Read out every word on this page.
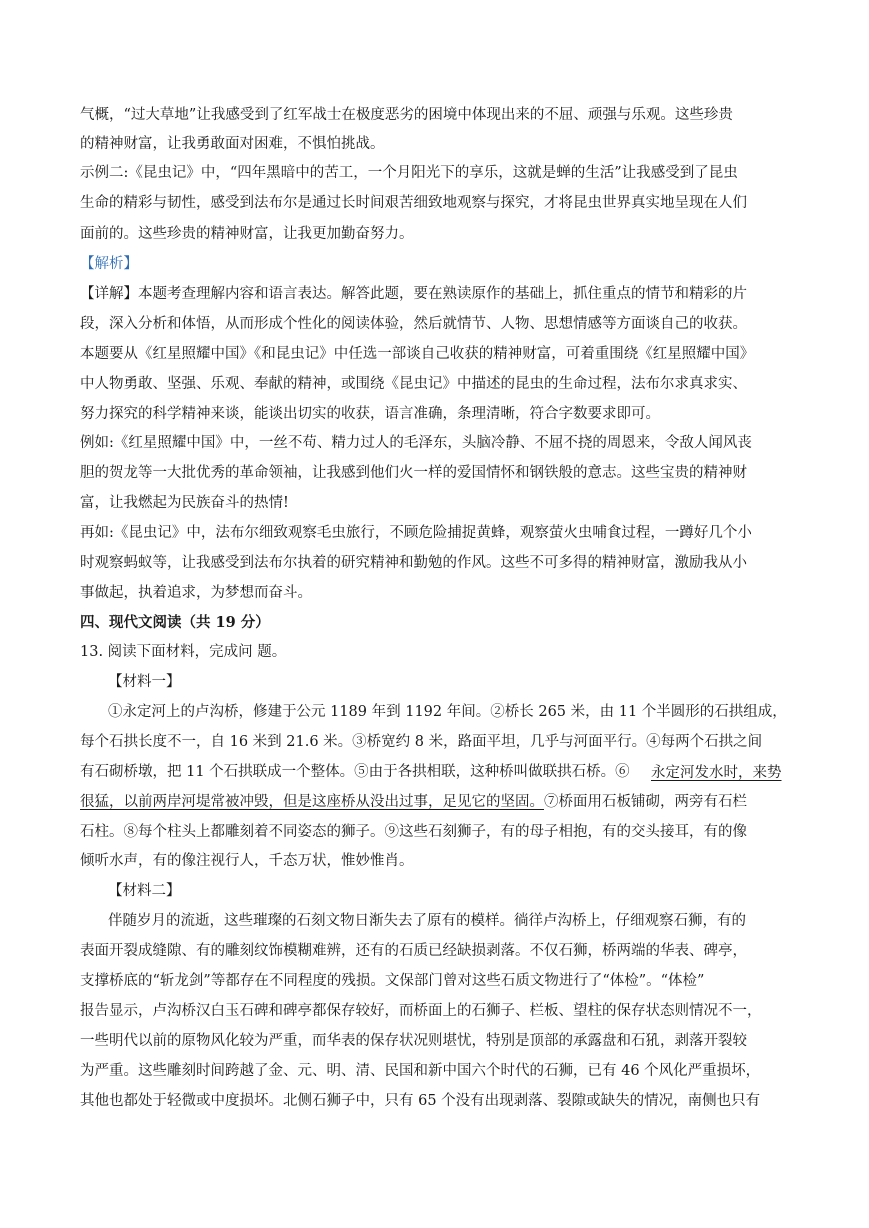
气概，“过大草地”让我感受到了红军战士在极度恶劣的困境中体现出来的不屈、顽强与乐观。这些珍贵
的精神财富，让我勇敢面对困难，不惧怕挑战。
示例二:《昆虫记》中，“四年黑暗中的苦工，一个月阳光下的享乐，这就是蝉的生活”让我感受到了昆虫
生命的精彩与韧性，感受到法布尔是通过长时间艰苦细致地观察与探究，才将昆虫世界真实地呈现在人们
面前的。这些珍贵的精神财富，让我更加勤奋努力。
【解析】
【详解】本题考查理解内容和语言表达。解答此题，要在熟读原作的基础上，抓住重点的情节和精彩的片
段，深入分析和体悟，从而形成个性化的阅读体验，然后就情节、人物、思想情感等方面谈自己的收获。
本题要从《红星照耀中国》《和昆虫记》中任选一部谈自己收获的精神财富，可着重围绕《红星照耀中国》
中人物勇敢、坚强、乐观、奉献的精神，或围绕《昆虫记》中描述的昆虫的生命过程，法布尔求真求实、
努力探究的科学精神来谈，能谈出切实的收获，语言准确，条理清晰，符合字数要求即可。
例如:《红星照耀中国》中，一丝不苟、精力过人的毛泽东，头脑冷静、不屈不挠的周恩来，令敌人闻风丧
胆的贺龙等一大批优秀的革命领袖，让我感到他们火一样的爱国情怀和钢铁般的意志。这些宝贵的精神财
富，让我燃起为民族奋斗的热情!
再如:《昆虫记》中，法布尔细致观察毛虫旅行，不顾危险捕捉黄蜂，观察萤火虫哺食过程，一蹲好几个小
时观察蚂蚁等，让我感受到法布尔执着的研究精神和勤勉的作风。这些不可多得的精神财富，激励我从小
事做起，执着追求，为梦想而奋斗。
四、现代文阅读（共 19 分）
13. 阅读下面材料，完成问 题。
【材料一】
①永定河上的卢沟桥，修建于公元 1189 年到 1192 年间。②桥长 265 米，由 11 个半圆形的石拱组成，
每个石拱长度不一，自 16 米到 21.6 米。③桥宽约 8 米，路面平坦，几乎与河面平行。④每两个石拱之间
有石砌桥墩，把 11 个石拱联成一个整体。⑤由于各拱相联，这种桥叫做联拱石桥。⑥	永定河发水时，来势
很猛，以前两岸河堤常被冲毁，但是这座桥从没出过事，足见它的坚固。⑦桥面用石板铺砌，两旁有石栏
石柱。⑧每个柱头上都雕刻着不同姿态的狮子。⑨这些石刻狮子，有的母子相抱，有的交头接耳，有的像
倾听水声，有的像注视行人，千态万状，惟妙惟肖。
【材料二】
伴随岁月的流逝，这些璀璨的石刻文物日渐失去了原有的模样。徜徉卢沟桥上，仔细观察石狮，有的
表面开裂成缝隙、有的雕刻纹饰模糊难辨，还有的石质已经缺损剥落。不仅石狮，桥两端的华表、碑亭，
支撑桥底的“斩龙剑”等都存在不同程度的残损。文保部门曾对这些石质文物进行了“体检”。“体检”
报告显示，卢沟桥汉白玉石碑和碑亭都保存较好，而桥面上的石狮子、栏板、望柱的保存状态则情况不一，
一些明代以前的原物风化较为严重，而华表的保存状况则堪忧，特别是顶部的承露盘和石犼，剥落开裂较
为严重。这些雕刻时间跨越了金、元、明、清、民国和新中国六个时代的石狮，已有 46 个风化严重损坏，
其他也都处于轻微或中度损坏。北侧石狮子中，只有 65 个没有出现剥落、裂隙或缺失的情况，南侧也只有
